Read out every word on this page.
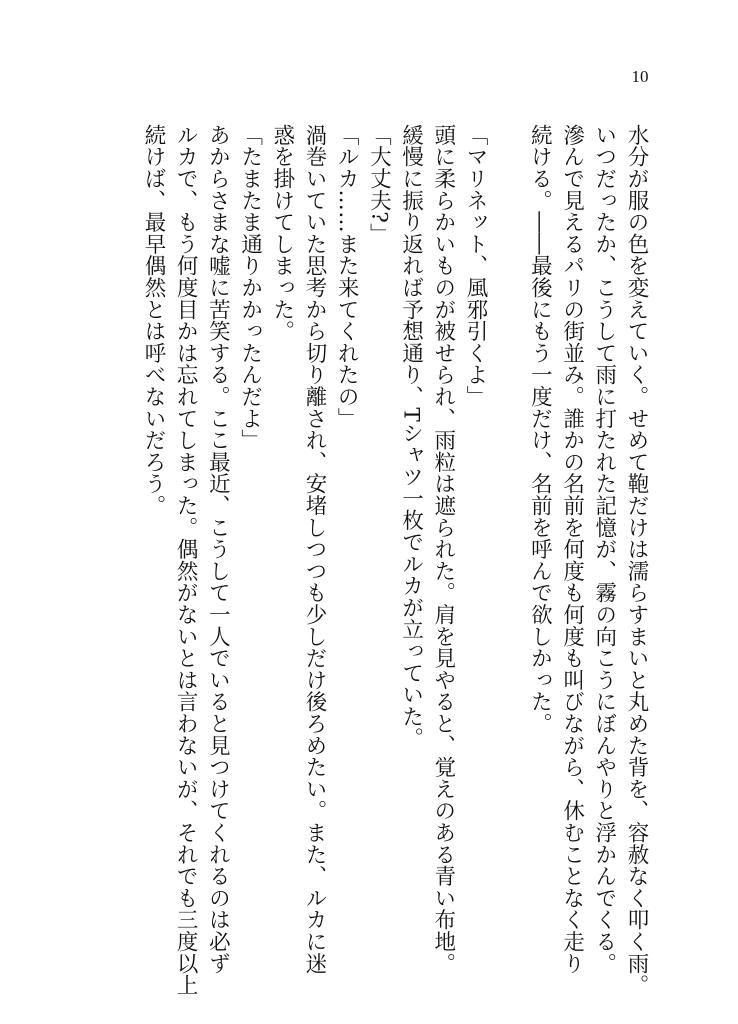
10
水分が服の色を変えていく。せめて鞄だけは濡らすまいと丸めた背を、容赦なく叩く雨。
いつだったか、こうして雨に打たれた記憶が、霧の向こうにぼんやりと浮かんでくる。
滲んで見えるパリの街並み。誰かの名前を何度も何度も叫びながら、休むことなく走り
続ける。――最後にもう一度だけ、名前を呼んで欲しかった。
「マリネット、風邪引くよ」
頭に柔らかいものが被せられ、雨粒は遮られた。肩を見やると、覚えのある青い布地。
緩慢に振り返れば予想通り、Tシャツ一枚でルカが立っていた。
「大丈夫?」
「ルカ……また来てくれたの」
渦巻いていた思考から切り離され、安堵しつつも少しだけ後ろめたい。また、ルカに迷
惑を掛けてしまった。
「たまたま通りかかったんだよ」
あからさまな嘘に苦笑する。ここ最近、こうして一人でいると見つけてくれるのは必ず
ルカで、もう何度目かは忘れてしまった。偶然がないとは言わないが、それでも三度以上
続けば、最早偶然とは呼べないだろう。
